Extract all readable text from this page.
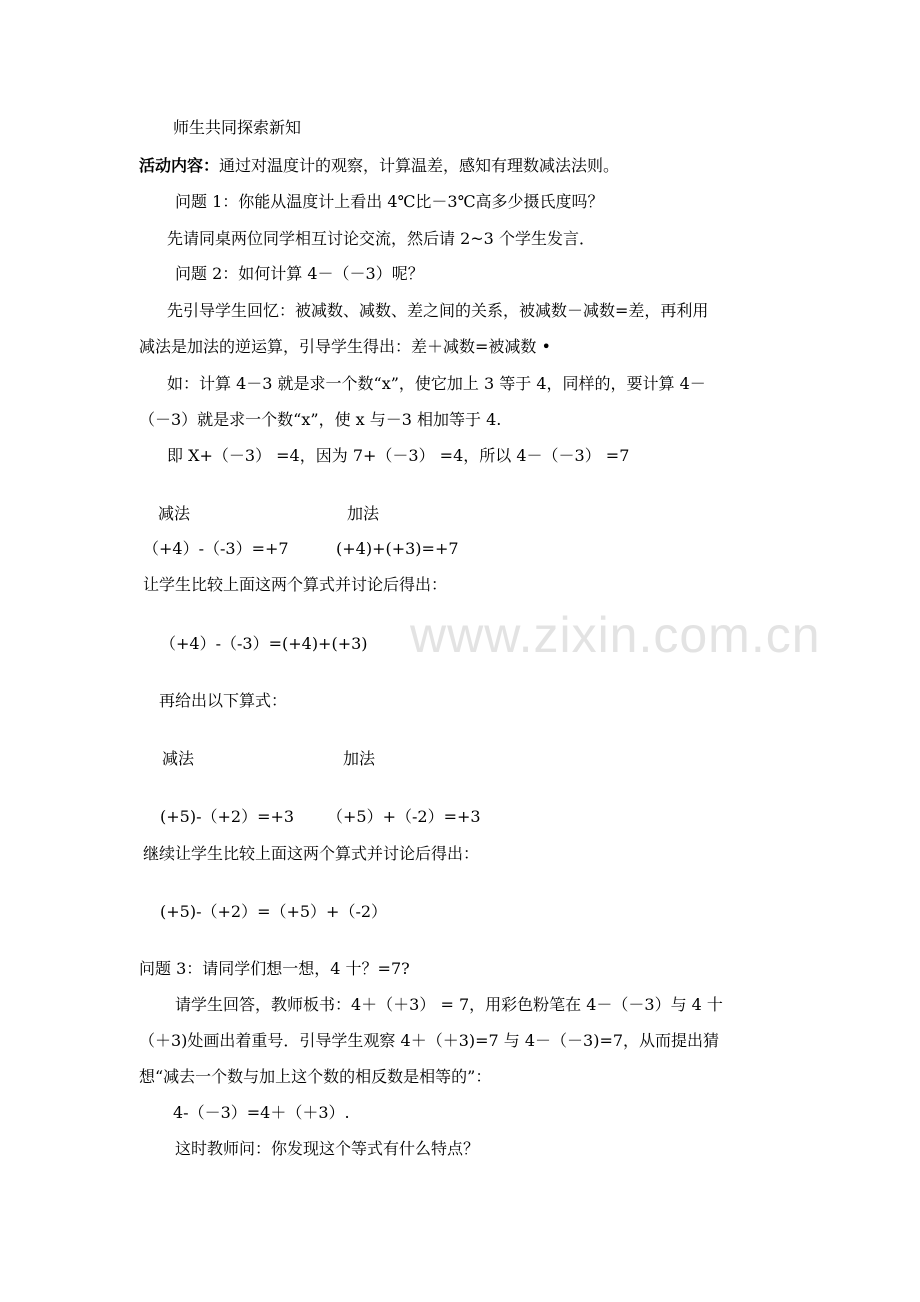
www.zixin.com.cn
师生共同探索新知
活动内容：通过对温度计的观察，计算温差，感知有理数减法法则。
问题 1：你能从温度计上看出 4℃比－3℃高多少摄氏度吗？
先请同桌两位同学相互讨论交流，然后请 2~3 个学生发言．
问题 2：如何计算 4－（－3）呢？
先引导学生回忆：被减数、减数、差之间的关系，被减数－减数=差，再利用
减法是加法的逆运算，引导学生得出：差＋减数=被减数 •
如：计算 4－3 就是求一个数“x”，使它加上 3 等于 4，同样的，要计算 4－
（－3）就是求一个数“x”，使 x 与－3 相加等于 4.
即 X+（－3） =4，因为 7+（－3） =4，所以 4－（－3） =7
减法	加法
（+4）-（-3）=+7	(+4)+(+3)=+7
让学生比较上面这两个算式并讨论后得出：
（+4）-（-3）=(+4)+(+3)
再给出以下算式：
减法	加法
(+5)-（+2）=+3 （+5）+（-2）=+3
继续让学生比较上面这两个算式并讨论后得出：
(+5)-（+2）=（+5）+（-2）
问题 3：请同学们想一想，4 十？=7?
请学生回答，教师板书：4＋（＋3） = 7，用彩色粉笔在 4－（－3）与 4 十
（＋3)处画出着重号．引导学生观察 4＋（＋3)=7 与 4－（－3)=7，从而提出猜
想“减去一个数与加上这个数的相反数是相等的”：
4-（－3）=4＋（＋3）.
这时教师问：你发现这个等式有什么特点？
